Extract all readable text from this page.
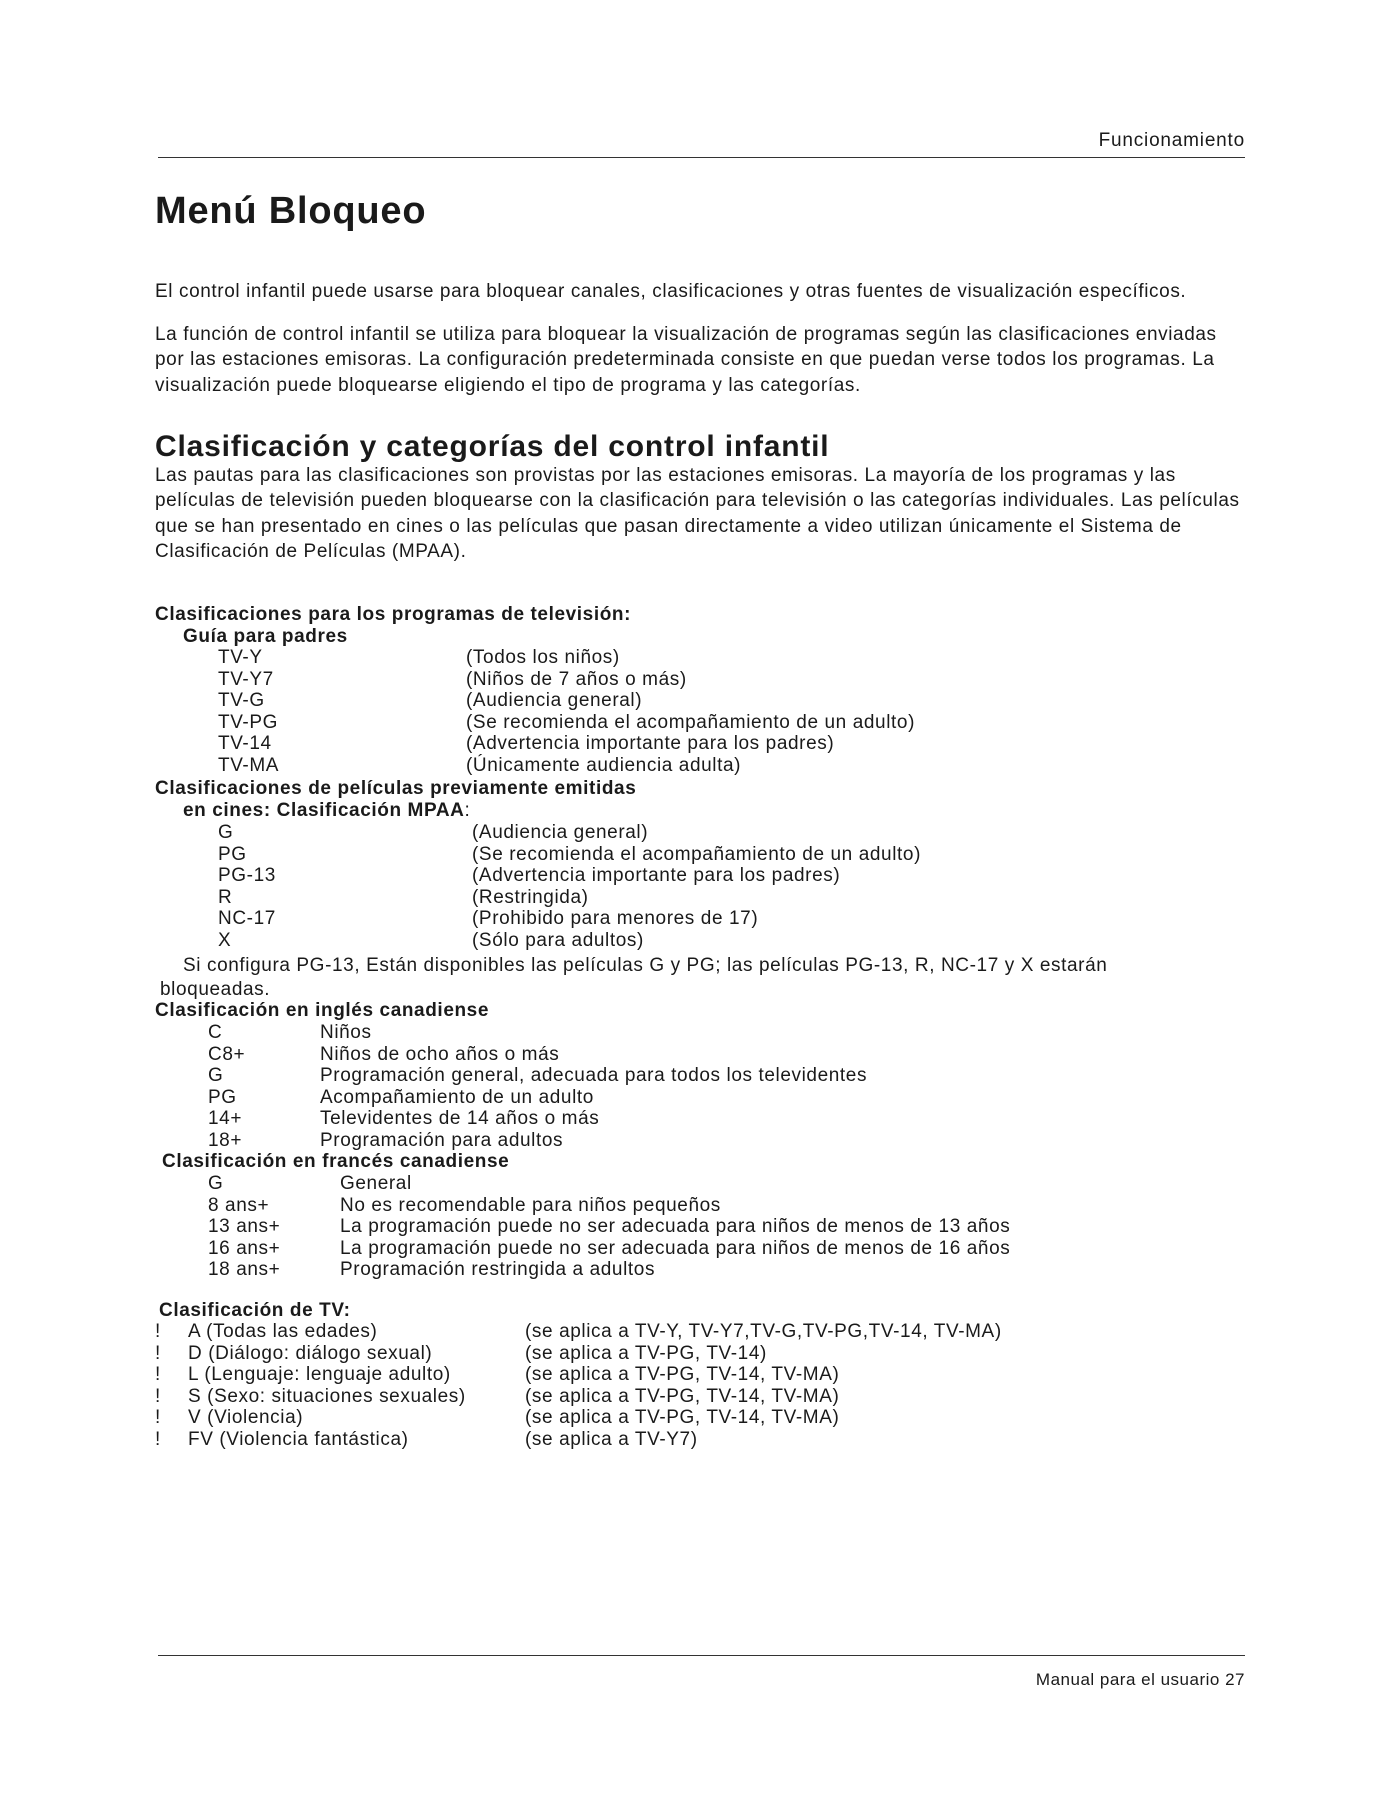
Funcionamiento
Menú Bloqueo
El control infantil puede usarse para bloquear canales, clasificaciones y otras fuentes de visualización específicos.
La función de control infantil se utiliza para bloquear la visualización de programas según las clasificaciones enviadas por las estaciones emisoras. La configuración predeterminada consiste en que puedan verse todos los programas. La visualización puede bloquearse eligiendo el tipo de programa y las categorías.
Clasificación y categorías del control infantil
Las pautas para las clasificaciones son provistas por las estaciones emisoras. La mayoría de los programas y las películas de televisión pueden bloquearse con la clasificación para televisión o las categorías individuales. Las películas que se han presentado en cines o las películas que pasan directamente a video utilizan únicamente el Sistema de Clasificación de Películas (MPAA).
Clasificaciones para los programas de televisión:
Guía para padres
TV-Y	(Todos los niños)
TV-Y7	(Niños de 7 años o más)
TV-G	(Audiencia general)
TV-PG	(Se recomienda el acompañamiento de un adulto)
TV-14	(Advertencia importante para los padres)
TV-MA	(Únicamente audiencia adulta)
Clasificaciones de películas previamente emitidas
en cines: Clasificación MPAA:
G	(Audiencia general)
PG	(Se recomienda el acompañamiento de un adulto)
PG-13	(Advertencia importante para los padres)
R	(Restringida)
NC-17	(Prohibido para menores de 17)
X	(Sólo para adultos)
Si configura PG-13, Están disponibles las películas G y PG; las películas PG-13, R, NC-17 y X estarán
bloqueadas.
Clasificación en inglés canadiense
C	Niños
C8+	Niños de ocho años o más
G	Programación general, adecuada para todos los televidentes
PG	Acompañamiento de un adulto
14+	Televidentes de 14 años o más
18+	Programación para adultos
Clasificación en francés canadiense
G	General
8 ans+	No es recomendable para niños pequeños
13 ans+	La programación puede no ser adecuada para niños de menos de 13 años
16 ans+	La programación puede no ser adecuada para niños de menos de 16 años
18 ans+	Programación restringida a adultos
Clasificación de TV:
! A (Todas las edades)	(se aplica a TV-Y, TV-Y7,TV-G,TV-PG,TV-14, TV-MA)
! D (Diálogo: diálogo sexual)	(se aplica a TV-PG, TV-14)
! L (Lenguaje: lenguaje adulto)	(se aplica a TV-PG, TV-14, TV-MA)
! S (Sexo: situaciones sexuales)	(se aplica a TV-PG, TV-14, TV-MA)
! V (Violencia)	(se aplica a TV-PG, TV-14, TV-MA)
! FV (Violencia fantástica)	(se aplica a TV-Y7)
Manual para el usuario 27
